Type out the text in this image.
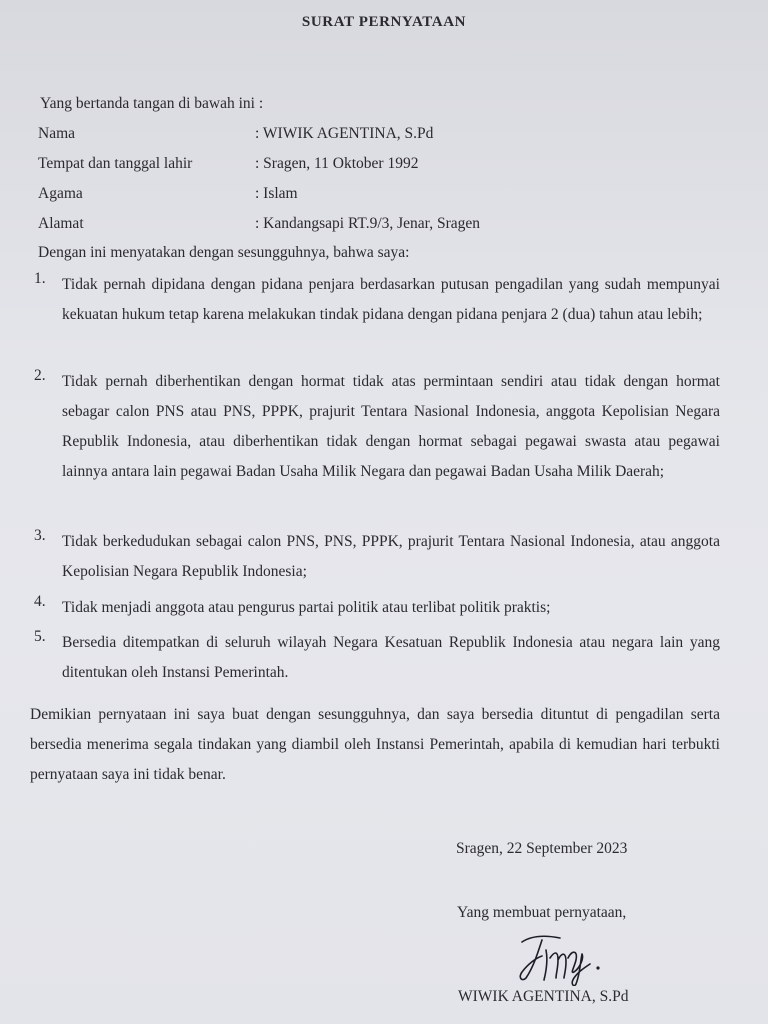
SURAT PERNYATAAN
Yang bertanda tangan di bawah ini :
Nama	: WIWIK AGENTINA, S.Pd
Tempat dan tanggal lahir	: Sragen, 11 Oktober 1992
Agama	: Islam
Alamat	: Kandangsapi RT.9/3, Jenar, Sragen
Dengan ini menyatakan dengan sesungguhnya, bahwa saya:
1. Tidak pernah dipidana dengan pidana penjara berdasarkan putusan pengadilan yang sudah mempunyai kekuatan hukum tetap karena melakukan tindak pidana dengan pidana penjara 2 (dua) tahun atau lebih;
2. Tidak pernah diberhentikan dengan hormat tidak atas permintaan sendiri atau tidak dengan hormat sebagar calon PNS atau PNS, PPPK, prajurit Tentara Nasional Indonesia, anggota Kepolisian Negara Republik Indonesia, atau diberhentikan tidak dengan hormat sebagai pegawai swasta atau pegawai lainnya antara lain pegawai Badan Usaha Milik Negara dan pegawai Badan Usaha Milik Daerah;
3. Tidak berkedudukan sebagai calon PNS, PNS, PPPK, prajurit Tentara Nasional Indonesia, atau anggota Kepolisian Negara Republik Indonesia;
4. Tidak menjadi anggota atau pengurus partai politik atau terlibat politik praktis;
5. Bersedia ditempatkan di seluruh wilayah Negara Kesatuan Republik Indonesia atau negara lain yang ditentukan oleh Instansi Pemerintah.
Demikian pernyataan ini saya buat dengan sesungguhnya, dan saya bersedia dituntut di pengadilan serta bersedia menerima segala tindakan yang diambil oleh Instansi Pemerintah, apabila di kemudian hari terbukti pernyataan saya ini tidak benar.
Sragen, 22 September 2023
Yang membuat pernyataan,
WIWIK AGENTINA, S.Pd
